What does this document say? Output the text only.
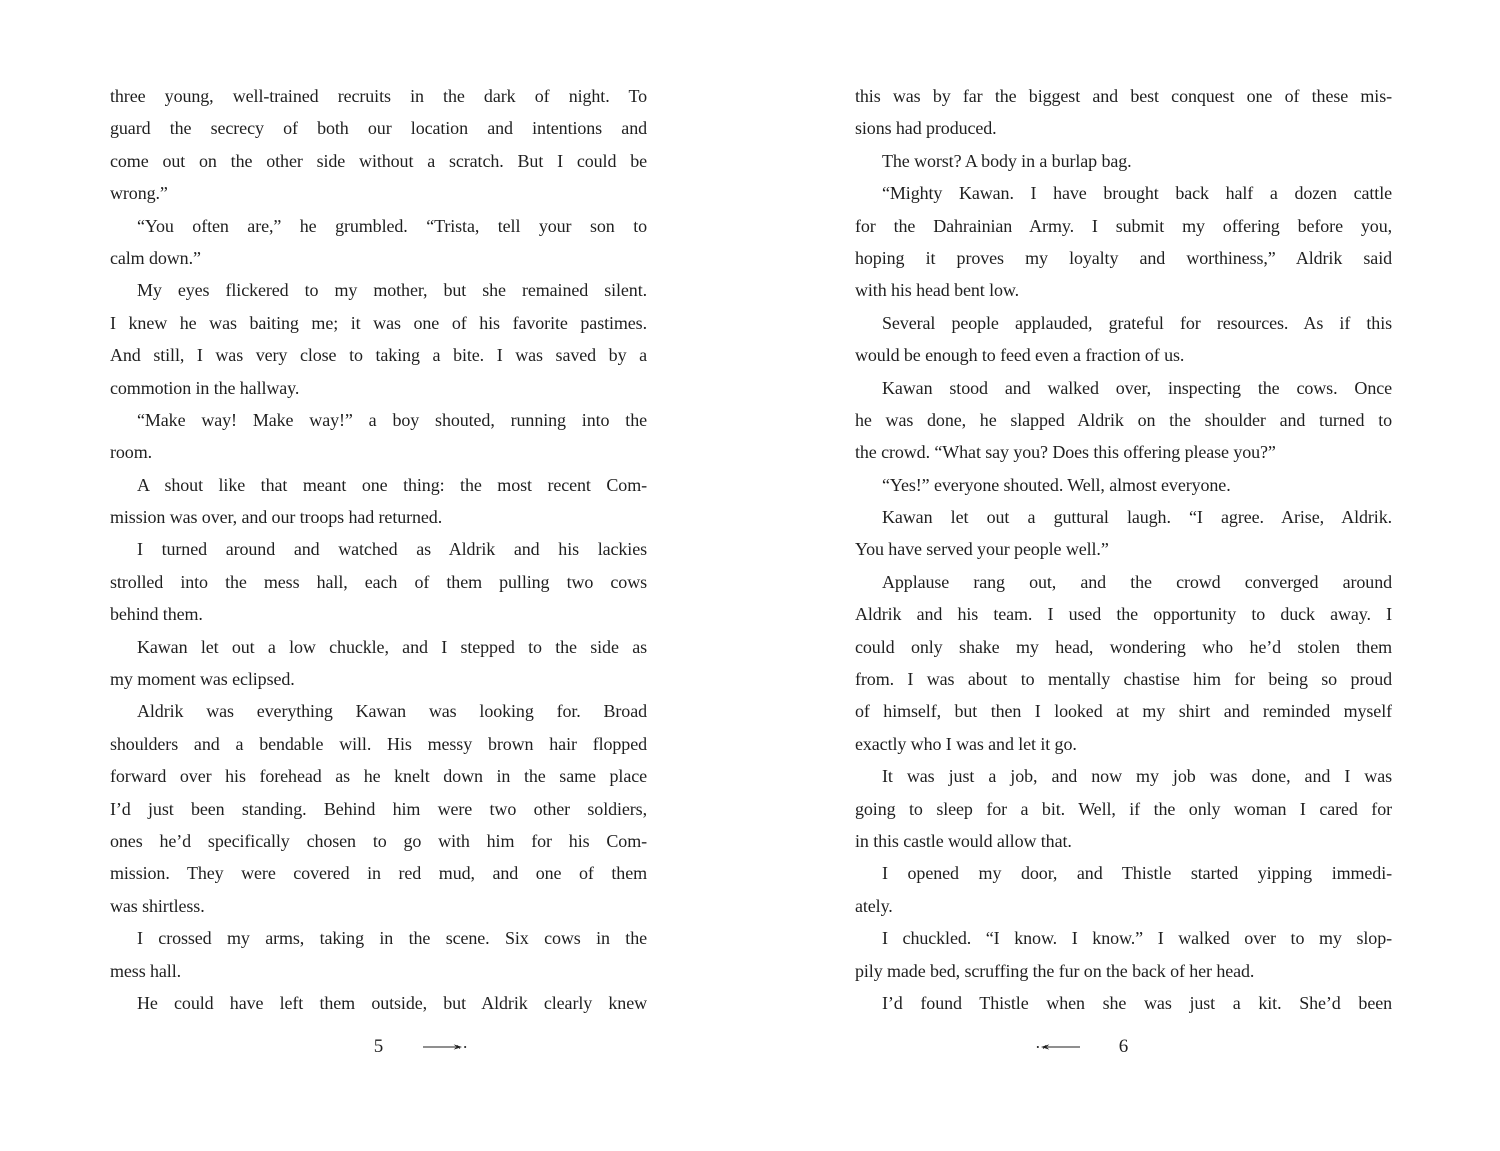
three young, well-trained recruits in the dark of night. To
guard the secrecy of both our location and intentions and
come out on the other side without a scratch. But I could be
wrong.”
“You often are,” he grumbled. “Trista, tell your son to
calm down.”
My eyes flickered to my mother, but she remained silent.
I knew he was baiting me; it was one of his favorite pastimes.
And still, I was very close to taking a bite. I was saved by a
commotion in the hallway.
“Make way! Make way!” a boy shouted, running into the
room.
A shout like that meant one thing: the most recent Com-
mission was over, and our troops had returned.
I turned around and watched as Aldrik and his lackies
strolled into the mess hall, each of them pulling two cows
behind them.
Kawan let out a low chuckle, and I stepped to the side as
my moment was eclipsed.
Aldrik was everything Kawan was looking for. Broad
shoulders and a bendable will. His messy brown hair flopped
forward over his forehead as he knelt down in the same place
I’d just been standing. Behind him were two other soldiers,
ones he’d specifically chosen to go with him for his Com-
mission. They were covered in red mud, and one of them
was shirtless.
I crossed my arms, taking in the scene. Six cows in the
mess hall.
He could have left them outside, but Aldrik clearly knew
5
this was by far the biggest and best conquest one of these mis-
sions had produced.
The worst? A body in a burlap bag.
“Mighty Kawan. I have brought back half a dozen cattle
for the Dahrainian Army. I submit my offering before you,
hoping it proves my loyalty and worthiness,” Aldrik said
with his head bent low.
Several people applauded, grateful for resources. As if this
would be enough to feed even a fraction of us.
Kawan stood and walked over, inspecting the cows. Once
he was done, he slapped Aldrik on the shoulder and turned to
the crowd. “What say you? Does this offering please you?”
“Yes!” everyone shouted. Well, almost everyone.
Kawan let out a guttural laugh. “I agree. Arise, Aldrik.
You have served your people well.”
Applause rang out, and the crowd converged around
Aldrik and his team. I used the opportunity to duck away. I
could only shake my head, wondering who he’d stolen them
from. I was about to mentally chastise him for being so proud
of himself, but then I looked at my shirt and reminded myself
exactly who I was and let it go.
It was just a job, and now my job was done, and I was
going to sleep for a bit. Well, if the only woman I cared for
in this castle would allow that.
I opened my door, and Thistle started yipping immedi-
ately.
I chuckled. “I know. I know.” I walked over to my slop-
pily made bed, scruffing the fur on the back of her head.
I’d found Thistle when she was just a kit. She’d been
6
